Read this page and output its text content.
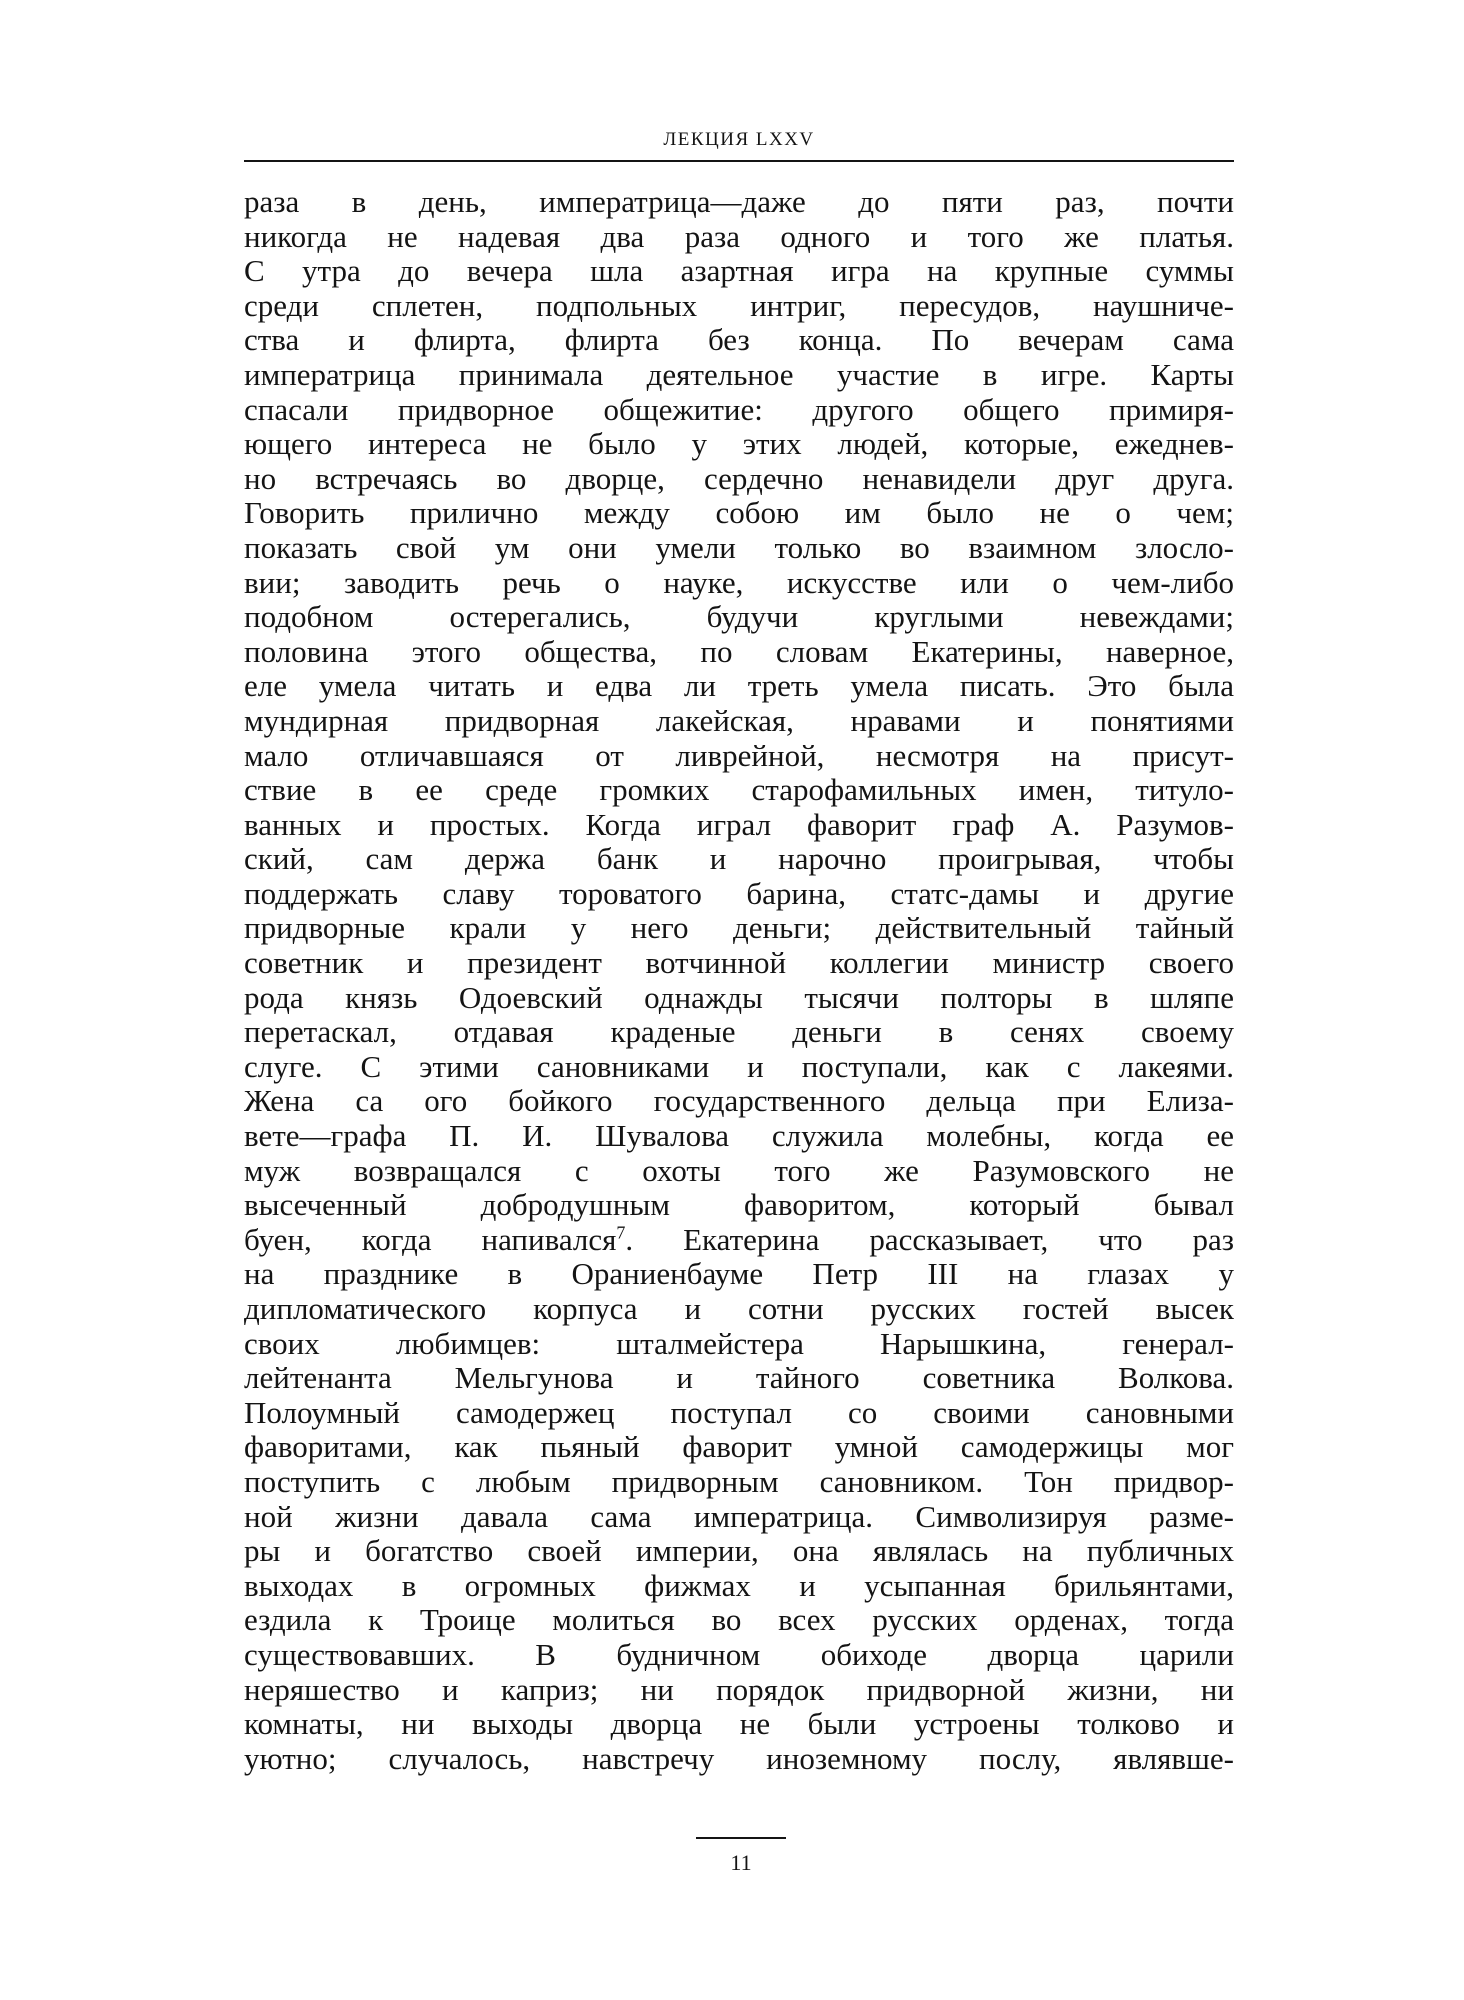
ЛЕКЦИЯ LXXV
раза в день, императрица—даже до пяти раз, почти
никогда не надевая два раза одного и того же платья.
С утра до вечера шла азартная игра на крупные суммы
среди сплетен, подпольных интриг, пересудов, наушниче-
ства и флирта, флирта без конца. По вечерам сама
императрица принимала деятельное участие в игре. Карты
спасали придворное общежитие: другого общего примиря-
ющего интереса не было у этих людей, которые, ежеднев-
но встречаясь во дворце, сердечно ненавидели друг друга.
Говорить прилично между собою им было не о чем;
показать свой ум они умели только во взаимном злосло-
вии; заводить речь о науке, искусстве или о чем-либо
подобном остерегались, будучи круглыми невеждами;
половина этого общества, по словам Екатерины, наверное,
еле умела читать и едва ли треть умела писать. Это была
мундирная придворная лакейская, нравами и понятиями
мало отличавшаяся от ливрейной, несмотря на присут-
ствие в ее среде громких старофамильных имен, титуло-
ванных и простых. Когда играл фаворит граф А. Разумов-
ский, сам держа банк и нарочно проигрывая, чтобы
поддержать славу тороватого барина, статс-дамы и другие
придворные крали у него деньги; действительный тайный
советник и президент вотчинной коллегии министр своего
рода князь Одоевский однажды тысячи полторы в шляпе
перетаскал, отдавая краденые деньги в сенях своему
слуге. С этими сановниками и поступали, как с лакеями.
Жена са ого бойкого государственного дельца при Елиза-
вете—графа П. И. Шувалова служила молебны, когда ее
муж возвращался с охоты того же Разумовского не
высеченный добродушным фаворитом, который бывал
буен, когда напивался$^7$. Екатерина рассказывает, что раз
на празднике в Ораниенбауме Петр III на глазах у
дипломатического корпуса и сотни русских гостей высек
своих любимцев: шталмейстера Нарышкина, генерал-
лейтенанта Мельгунова и тайного советника Волкова.
Полоумный самодержец поступал со своими сановными
фаворитами, как пьяный фаворит умной самодержицы мог
поступить с любым придворным сановником. Тон придвор-
ной жизни давала сама императрица. Символизируя разме-
ры и богатство своей империи, она являлась на публичных
выходах в огромных фижмах и усыпанная брильянтами,
ездила к Троице молиться во всех русских орденах, тогда
существовавших. В будничном обиходе дворца царили
неряшество и каприз; ни порядок придворной жизни, ни
комнаты, ни выходы дворца не были устроены толково и
уютно; случалось, навстречу иноземному послу, являвше-
11
